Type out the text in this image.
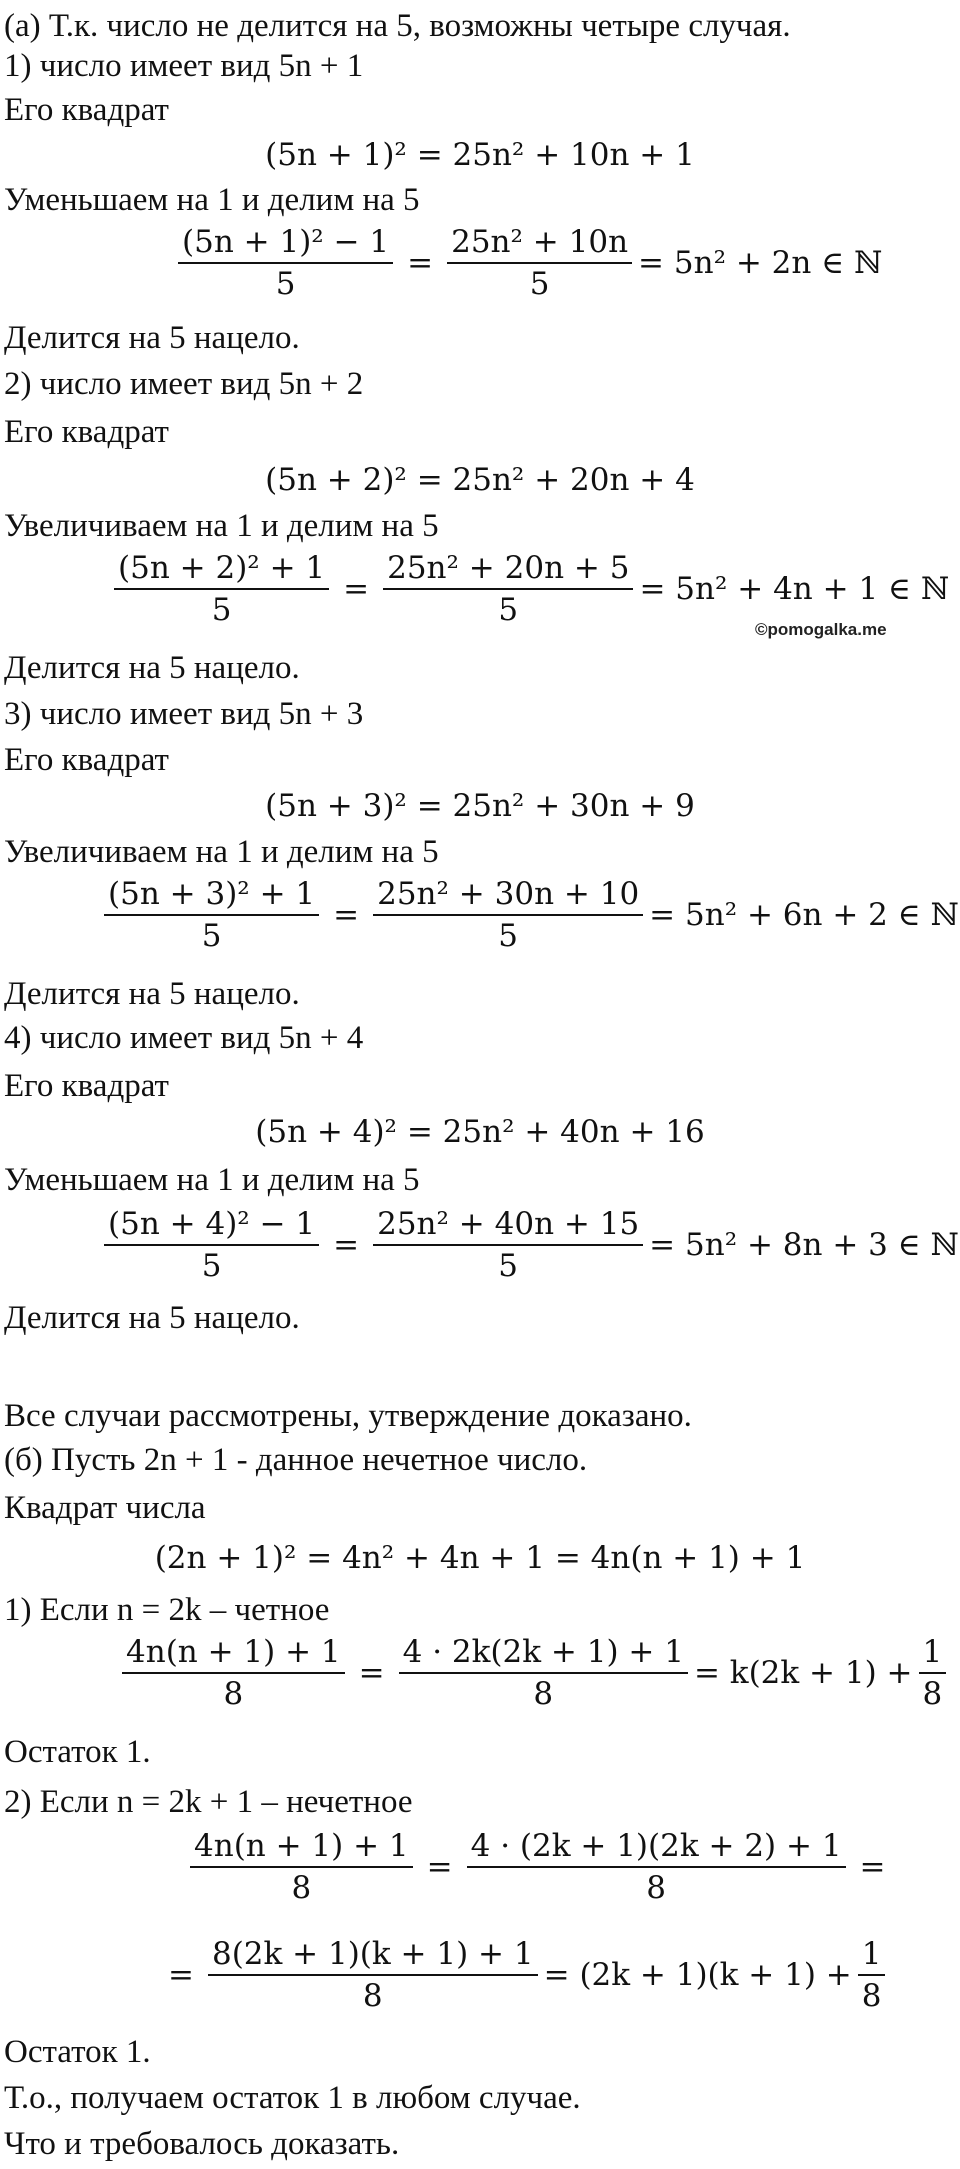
(а) Т.к. число не делится на 5, возможны четыре случая.
1) число имеет вид 5n + 1
Его квадрат
(5n + 1)² = 25n² + 10n + 1
Уменьшаем на 1 и делим на 5
$\frac{\text{(5n + 1)² − 1}}{5} = \frac{\text{25n² + 10n}}{5} = 5n^2 + 2n$ ∈ ℕ
Делится на 5 нацело.
2) число имеет вид 5n + 2
Его квадрат
(5n + 2)² = 25n² + 20n + 4
Увеличиваем на 1 и делим на 5
$\frac{\text{(5n + 2)² + 1}}{5} = \frac{\text{25n² + 20n + 5}}{5} = 5n^2 + 4n + 1$ ∈ ℕ
©pomogalka.me
Делится на 5 нацело.
3) число имеет вид 5n + 3
Его квадрат
(5n + 3)² = 25n² + 30n + 9
Увеличиваем на 1 и делим на 5
$\frac{\text{(5n + 3)² + 1}}{5} = \frac{\text{25n² + 30n + 10}}{5} = 5n^2 + 6n + 2$ ∈ ℕ
Делится на 5 нацело.
4) число имеет вид 5n + 4
Его квадрат
(5n + 4)² = 25n² + 40n + 16
Уменьшаем на 1 и делим на 5
$\frac{\text{(5n + 4)² − 1}}{5} = \frac{\text{25n² + 40n + 15}}{5} = 5n^2 + 8n + 3$ ∈ ℕ
Делится на 5 нацело.
Все случаи рассмотрены, утверждение доказано.
(б) Пусть 2n + 1 - данное нечетное число.
Квадрат числа
(2n + 1)² = 4n² + 4n + 1 = 4n(n + 1) + 1
1) Если n = 2k – четное
$\frac{4n(n + 1) + 1}{8} = \frac{4 \cdot 2k(2k + 1) + 1}{8} = k(2k + 1) + \frac{1}{8}$
Остаток 1.
2) Если n = 2k + 1 – нечетное
$\frac{4n(n + 1) + 1}{8} = \frac{4 \cdot (2k + 1)(2k + 2) + 1}{8}$ =
= $\frac{8(2k + 1)(k + 1) + 1}{8} = (2k + 1)(k + 1) + \frac{1}{8}$
Остаток 1.
Т.о., получаем остаток 1 в любом случае.
Что и требовалось доказать.
